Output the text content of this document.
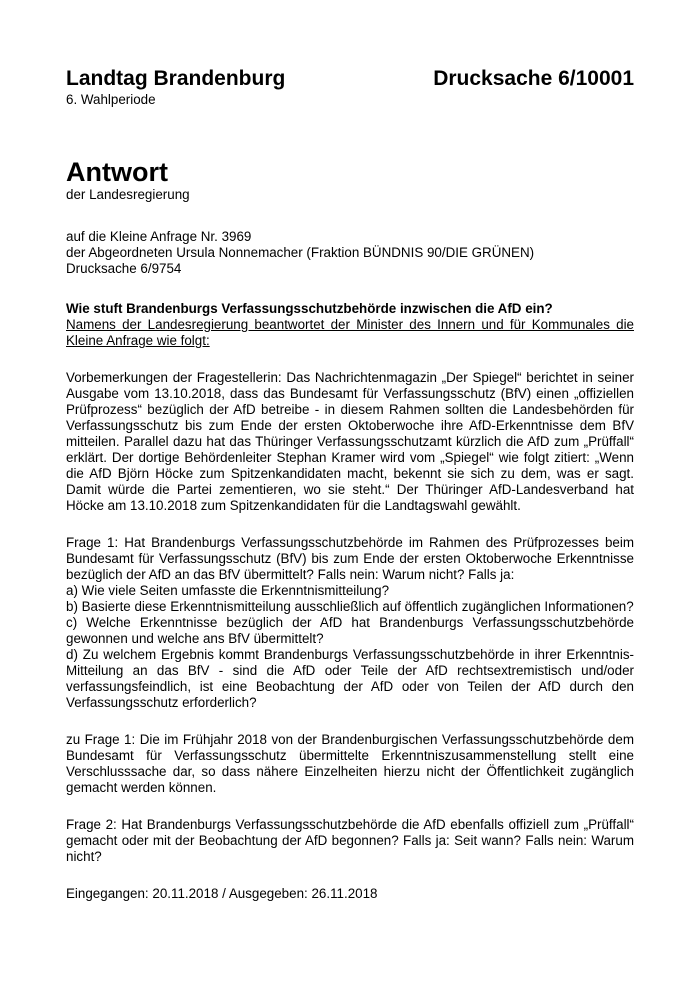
Landtag Brandenburg	Drucksache 6/10001
6. Wahlperiode
Antwort
der Landesregierung
auf die Kleine Anfrage Nr. 3969
der Abgeordneten Ursula Nonnemacher (Fraktion BÜNDNIS 90/DIE GRÜNEN)
Drucksache 6/9754
Wie stuft Brandenburgs Verfassungsschutzbehörde inzwischen die AfD ein?

Namens der Landesregierung beantwortet der Minister des Innern und für Kommunales die Kleine Anfrage wie folgt:

Vorbemerkungen der Fragestellerin: Das Nachrichtenmagazin „Der Spiegel“ berichtet in seiner Ausgabe vom 13.10.2018, dass das Bundesamt für Verfassungsschutz (BfV) einen „offiziellen Prüfprozess“ bezüglich der AfD betreibe - in diesem Rahmen sollten die Landesbehörden für Verfassungsschutz bis zum Ende der ersten Oktoberwoche ihre AfD-Erkenntnisse dem BfV mitteilen. Parallel dazu hat das Thüringer Verfassungsschutzamt kürzlich die AfD zum „Prüffall“ erklärt. Der dortige Behördenleiter Stephan Kramer wird vom „Spiegel“ wie folgt zitiert: „Wenn die AfD Björn Höcke zum Spitzenkandidaten macht, bekennt sie sich zu dem, was er sagt. Damit würde die Partei zementieren, wo sie steht.“ Der Thüringer AfD-Landesverband hat Höcke am 13.10.2018 zum Spitzenkandidaten für die Landtagswahl gewählt.

Frage 1: Hat Brandenburgs Verfassungsschutzbehörde im Rahmen des Prüfprozesses beim Bundesamt für Verfassungsschutz (BfV) bis zum Ende der ersten Oktoberwoche Erkenntnisse bezüglich der AfD an das BfV übermittelt? Falls nein: Warum nicht? Falls ja:

a) Wie viele Seiten umfasste die Erkenntnismitteilung?

b) Basierte diese Erkenntnismitteilung ausschließlich auf öffentlich zugänglichen Informationen?

c) Welche Erkenntnisse bezüglich der AfD hat Brandenburgs Verfassungsschutzbehörde gewonnen und welche ans BfV übermittelt?

d) Zu welchem Ergebnis kommt Brandenburgs Verfassungsschutzbehörde in ihrer Erkenntnis-Mitteilung an das BfV - sind die AfD oder Teile der AfD rechtsextremistisch und/oder verfassungsfeindlich, ist eine Beobachtung der AfD oder von Teilen der AfD durch den Verfassungsschutz erforderlich?

zu Frage 1: Die im Frühjahr 2018 von der Brandenburgischen Verfassungsschutzbehörde dem Bundesamt für Verfassungsschutz übermittelte Erkenntniszusammenstellung stellt eine Verschlusssache dar, so dass nähere Einzelheiten hierzu nicht der Öffentlichkeit zugänglich gemacht werden können.

Frage 2: Hat Brandenburgs Verfassungsschutzbehörde die AfD ebenfalls offiziell zum „Prüffall“ gemacht oder mit der Beobachtung der AfD begonnen? Falls ja: Seit wann? Falls nein: Warum nicht?

Eingegangen: 20.11.2018 / Ausgegeben: 26.11.2018
